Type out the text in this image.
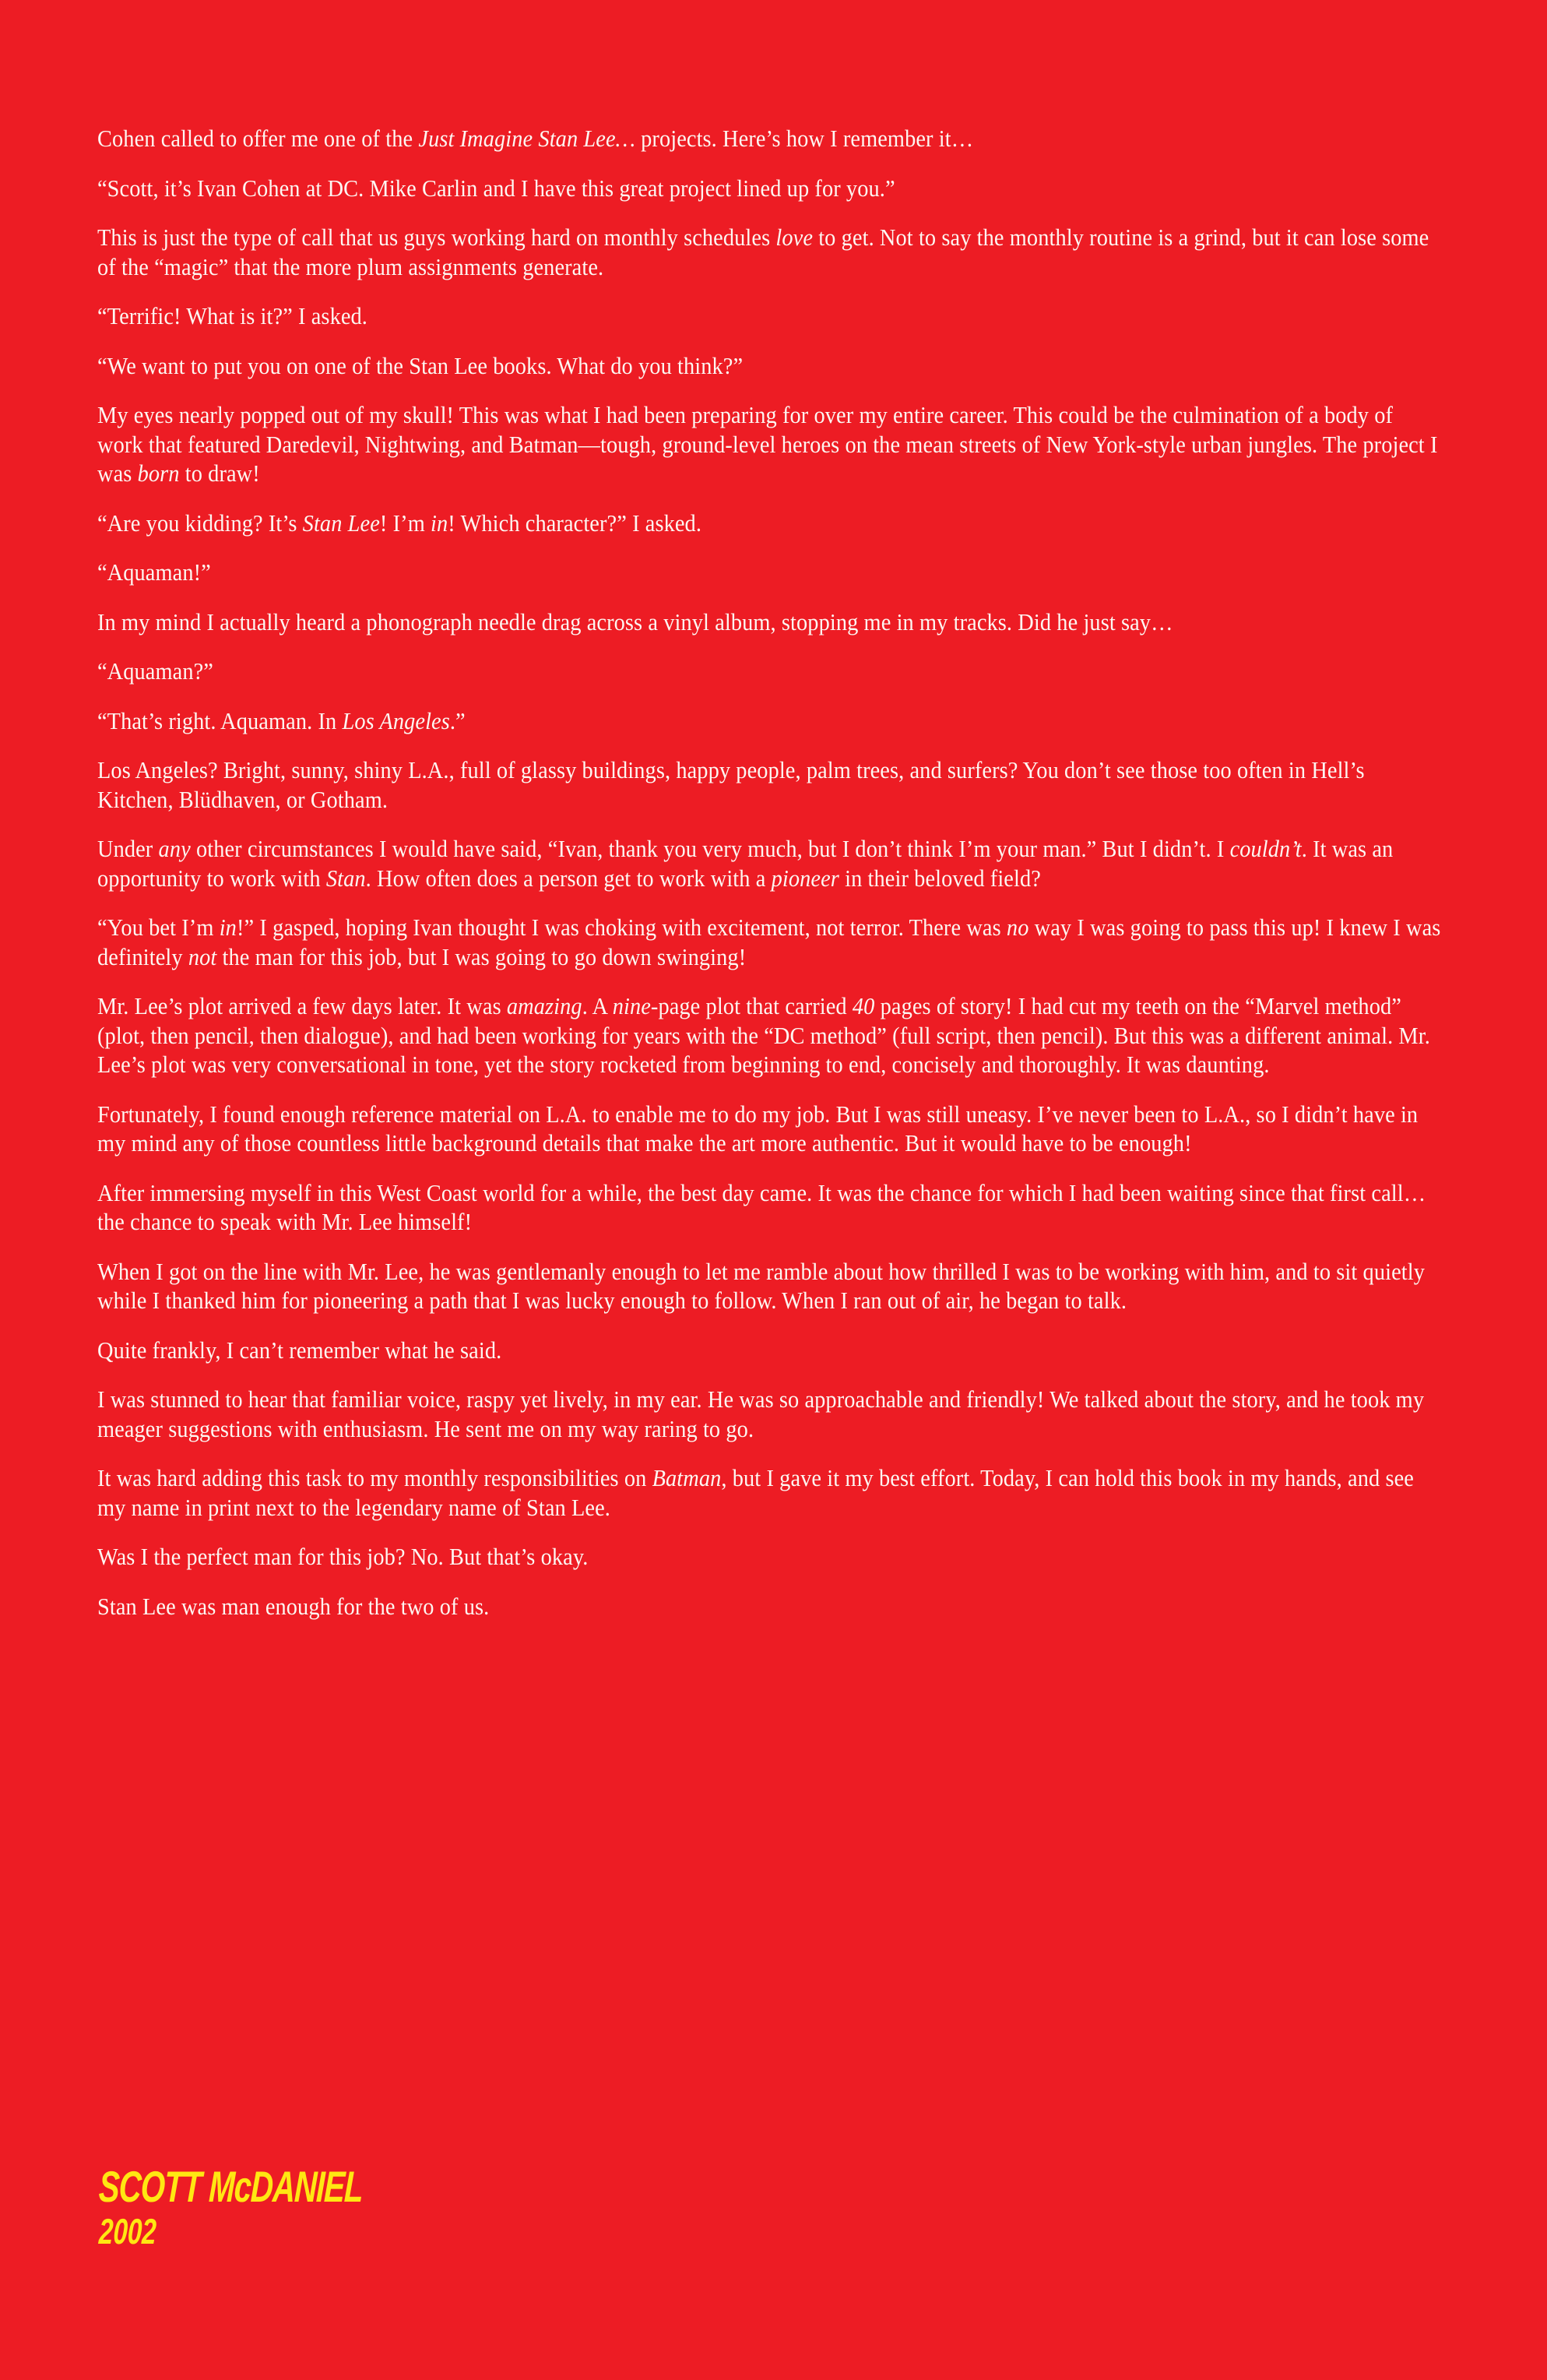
Cohen called to offer me one of the Just Imagine Stan Lee… projects. Here’s how I remember it…

“Scott, it’s Ivan Cohen at DC. Mike Carlin and I have this great project lined up for you.”

This is just the type of call that us guys working hard on monthly schedules love to get. Not to say the monthly routine is a grind, but it can lose some of the “magic” that the more plum assignments generate.

“Terrific! What is it?” I asked.

“We want to put you on one of the Stan Lee books. What do you think?”

My eyes nearly popped out of my skull! This was what I had been preparing for over my entire career. This could be the culmination of a body of work that featured Daredevil, Nightwing, and Batman—tough, ground-level heroes on the mean streets of New York-style urban jungles. The project I was born to draw!

“Are you kidding? It’s Stan Lee! I’m in! Which character?” I asked.

“Aquaman!”

In my mind I actually heard a phonograph needle drag across a vinyl album, stopping me in my tracks. Did he just say…

“Aquaman?”

“That’s right. Aquaman. In Los Angeles.”

Los Angeles? Bright, sunny, shiny L.A., full of glassy buildings, happy people, palm trees, and surfers? You don’t see those too often in Hell’s Kitchen, Blüdhaven, or Gotham.

Under any other circumstances I would have said, “Ivan, thank you very much, but I don’t think I’m your man.” But I didn’t. I couldn’t. It was an opportunity to work with Stan. How often does a person get to work with a pioneer in their beloved field?

“You bet I’m in!” I gasped, hoping Ivan thought I was choking with excitement, not terror. There was no way I was going to pass this up! I knew I was definitely not the man for this job, but I was going to go down swinging!

Mr. Lee’s plot arrived a few days later. It was amazing. A nine-page plot that carried 40 pages of story! I had cut my teeth on the “Marvel method” (plot, then pencil, then dialogue), and had been working for years with the “DC method” (full script, then pencil). But this was a different animal. Mr. Lee’s plot was very conversational in tone, yet the story rocketed from beginning to end, concisely and thoroughly. It was daunting.

Fortunately, I found enough reference material on L.A. to enable me to do my job. But I was still uneasy. I’ve never been to L.A., so I didn’t have in my mind any of those countless little background details that make the art more authentic. But it would have to be enough!

After immersing myself in this West Coast world for a while, the best day came. It was the chance for which I had been waiting since that first call…the chance to speak with Mr. Lee himself!

When I got on the line with Mr. Lee, he was gentlemanly enough to let me ramble about how thrilled I was to be working with him, and to sit quietly while I thanked him for pioneering a path that I was lucky enough to follow. When I ran out of air, he began to talk.

Quite frankly, I can’t remember what he said.

I was stunned to hear that familiar voice, raspy yet lively, in my ear. He was so approachable and friendly! We talked about the story, and he took my meager suggestions with enthusiasm. He sent me on my way raring to go.

It was hard adding this task to my monthly responsibilities on Batman, but I gave it my best effort. Today, I can hold this book in my hands, and see my name in print next to the legendary name of Stan Lee.

Was I the perfect man for this job? No. But that’s okay.

Stan Lee was man enough for the two of us.

SCOTT McDANIEL
2002
